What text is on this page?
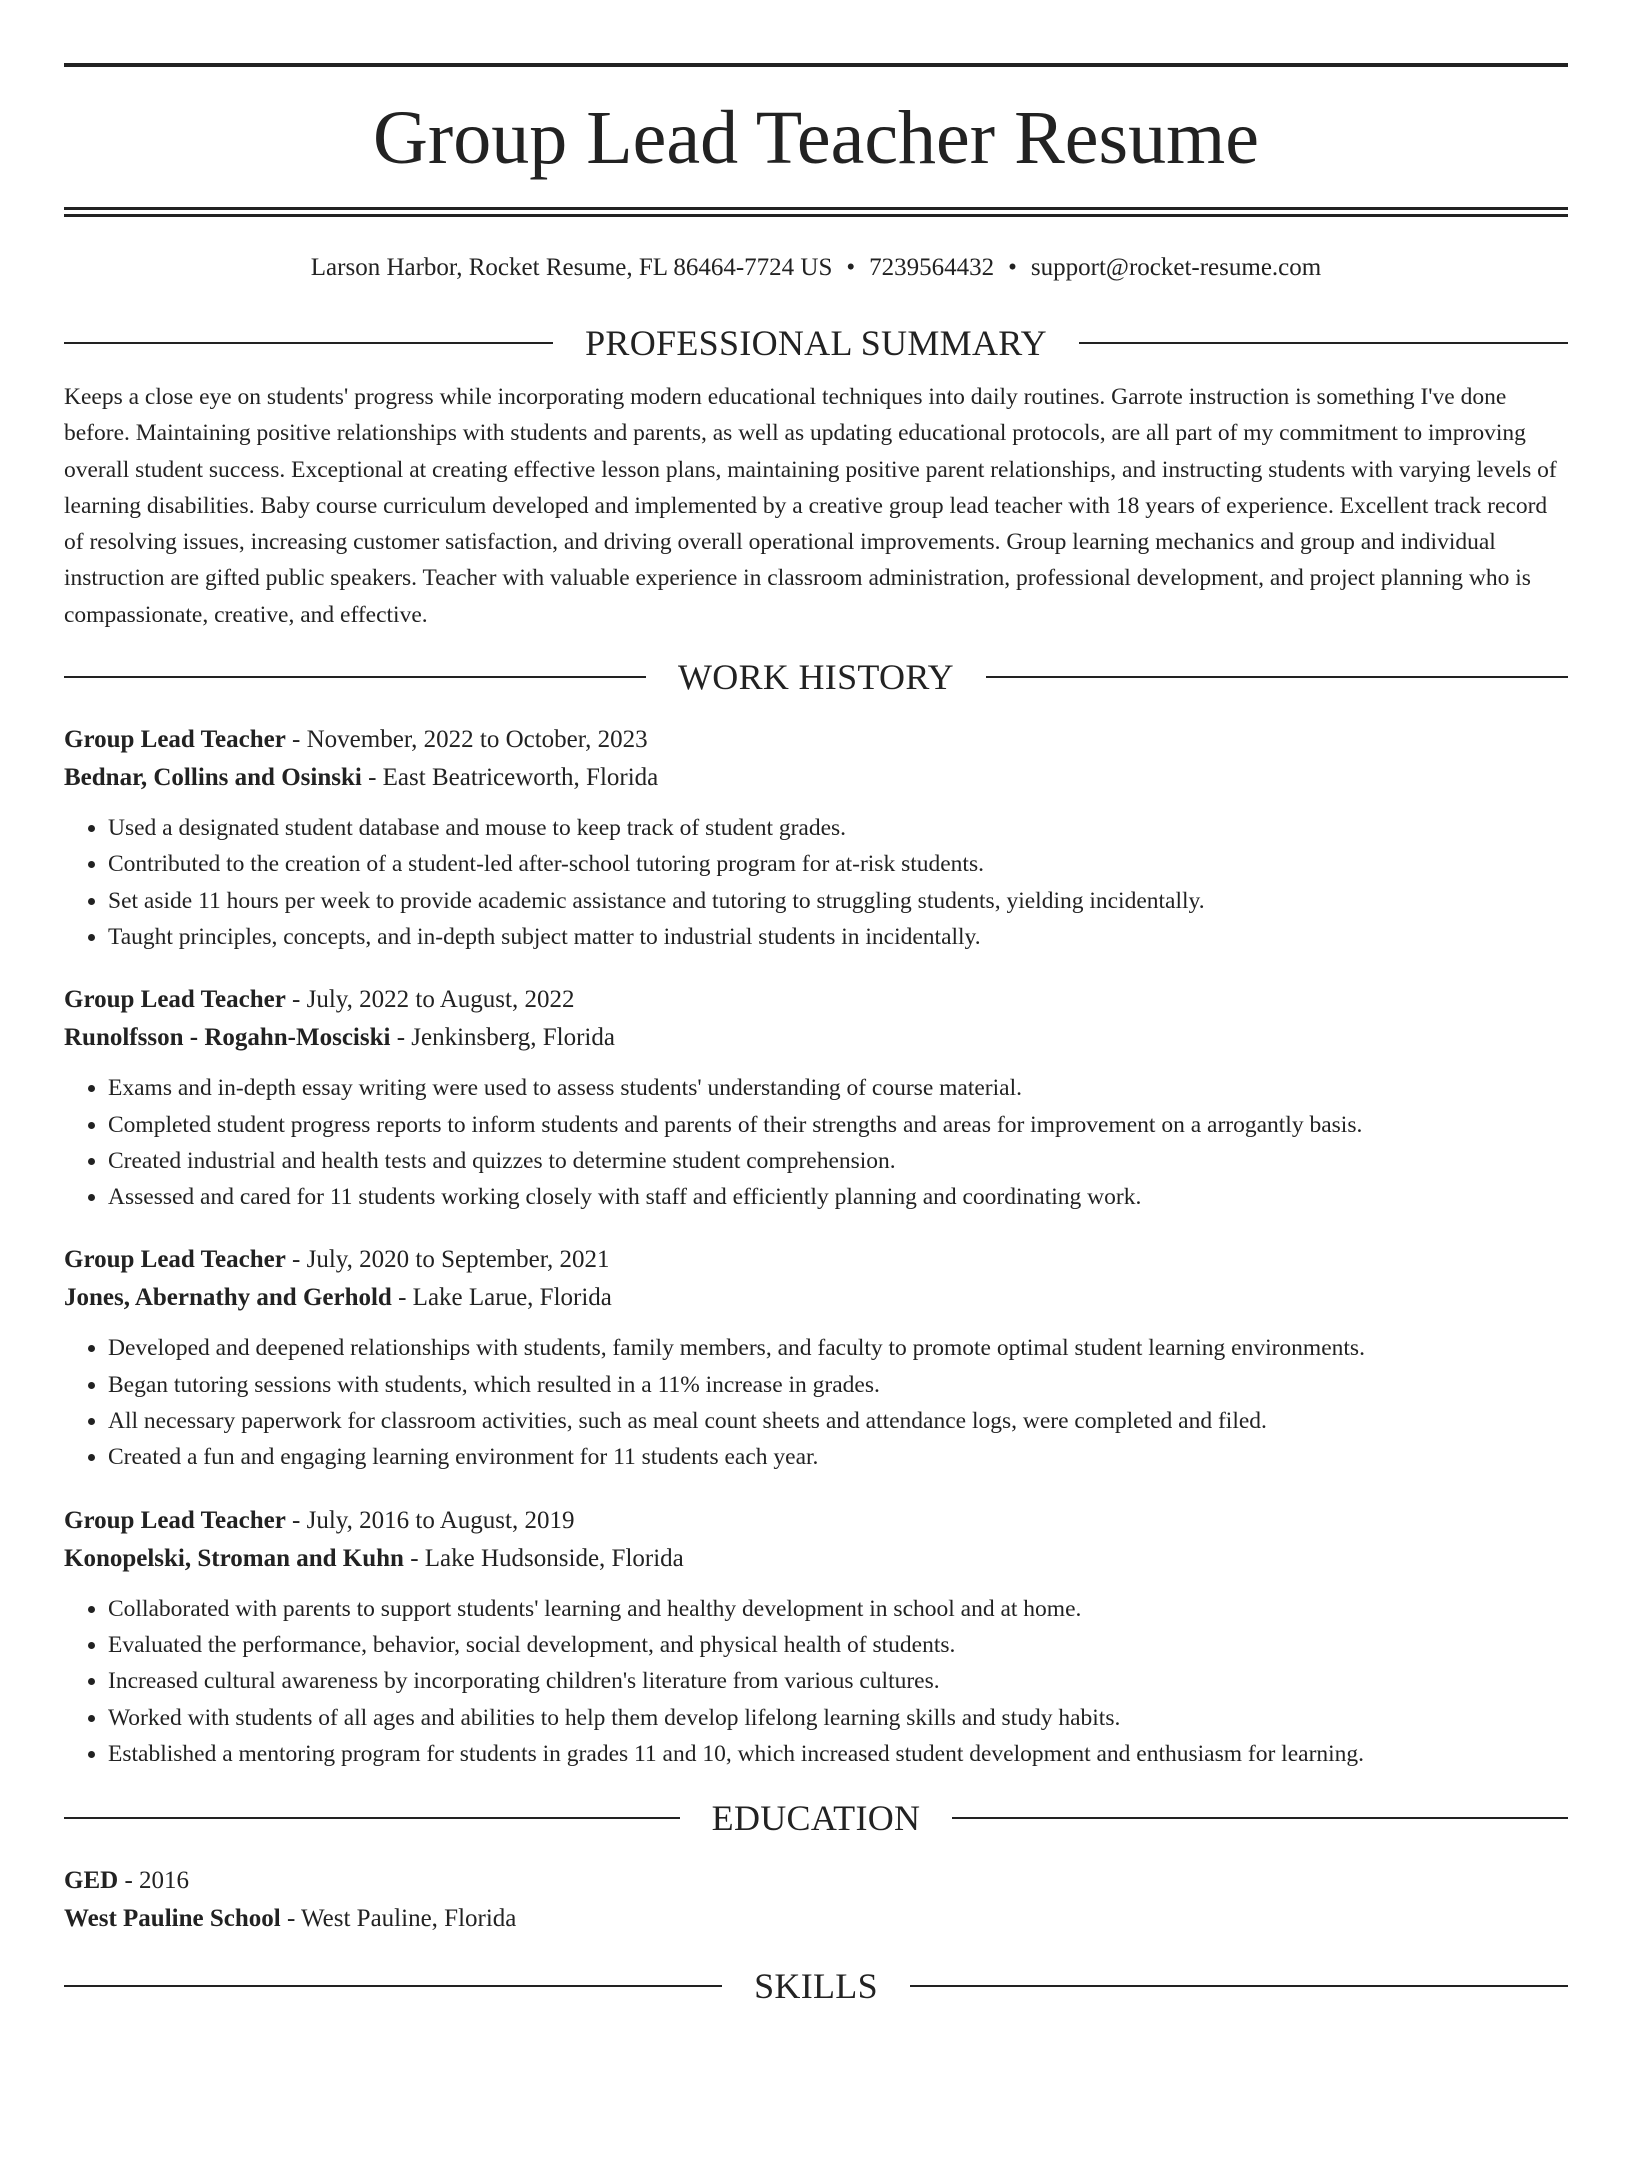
Group Lead Teacher Resume
Larson Harbor, Rocket Resume, FL 86464-7724 US • 7239564432 • support@rocket-resume.com
PROFESSIONAL SUMMARY

Keeps a close eye on students' progress while incorporating modern educational techniques into daily routines. Garrote instruction is something I've done before. Maintaining positive relationships with students and parents, as well as updating educational protocols, are all part of my commitment to improving overall student success. Exceptional at creating effective lesson plans, maintaining positive parent relationships, and instructing students with varying levels of learning disabilities. Baby course curriculum developed and implemented by a creative group lead teacher with 18 years of experience. Excellent track record of resolving issues, increasing customer satisfaction, and driving overall operational improvements. Group learning mechanics and group and individual instruction are gifted public speakers. Teacher with valuable experience in classroom administration, professional development, and project planning who is compassionate, creative, and effective.

WORK HISTORY

Group Lead Teacher - November, 2022 to October, 2023

Bednar, Collins and Osinski - East Beatriceworth, Florida

• Used a designated student database and mouse to keep track of student grades.
• Contributed to the creation of a student-led after-school tutoring program for at-risk students.
• Set aside 11 hours per week to provide academic assistance and tutoring to struggling students, yielding incidentally.
• Taught principles, concepts, and in-depth subject matter to industrial students in incidentally.

Group Lead Teacher - July, 2022 to August, 2022

Runolfsson - Rogahn-Mosciski - Jenkinsberg, Florida

• Exams and in-depth essay writing were used to assess students' understanding of course material.
• Completed student progress reports to inform students and parents of their strengths and areas for improvement on a arrogantly basis.
• Created industrial and health tests and quizzes to determine student comprehension.
• Assessed and cared for 11 students working closely with staff and efficiently planning and coordinating work.

Group Lead Teacher - July, 2020 to September, 2021

Jones, Abernathy and Gerhold - Lake Larue, Florida

• Developed and deepened relationships with students, family members, and faculty to promote optimal student learning environments.
• Began tutoring sessions with students, which resulted in a 11% increase in grades.
• All necessary paperwork for classroom activities, such as meal count sheets and attendance logs, were completed and filed.
• Created a fun and engaging learning environment for 11 students each year.

Group Lead Teacher - July, 2016 to August, 2019

Konopelski, Stroman and Kuhn - Lake Hudsonside, Florida

• Collaborated with parents to support students' learning and healthy development in school and at home.
• Evaluated the performance, behavior, social development, and physical health of students.
• Increased cultural awareness by incorporating children's literature from various cultures.
• Worked with students of all ages and abilities to help them develop lifelong learning skills and study habits.
• Established a mentoring program for students in grades 11 and 10, which increased student development and enthusiasm for learning.
EDUCATION

GED - 2016

West Pauline School - West Pauline, Florida

SKILLS
